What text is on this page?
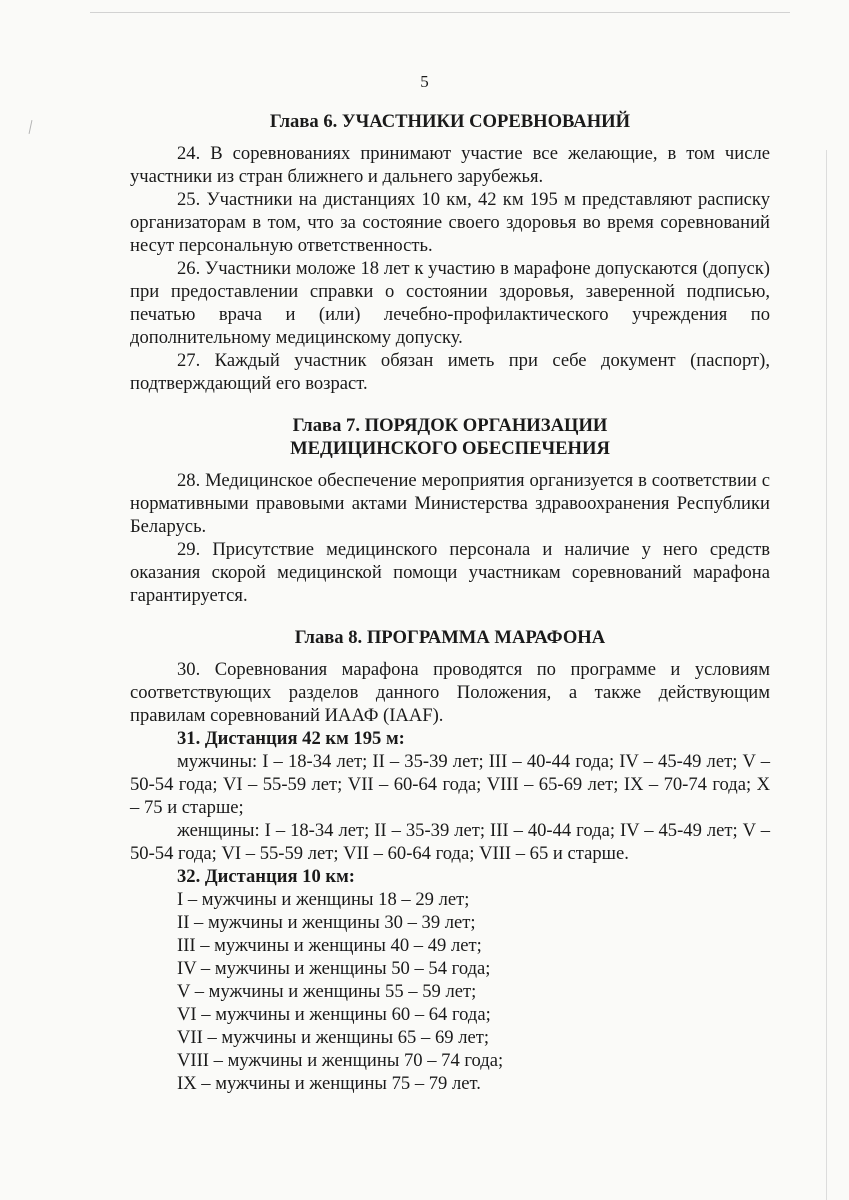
5

Глава 6. УЧАСТНИКИ СОРЕВНОВАНИЙ

24. В соревнованиях принимают участие все желающие, в том числе участники из стран ближнего и дальнего зарубежья.

25. Участники на дистанциях 10 км, 42 км 195 м представляют расписку организаторам в том, что за состояние своего здоровья во время соревнований несут персональную ответственность.

26. Участники моложе 18 лет к участию в марафоне допускаются (допуск) при предоставлении справки о состоянии здоровья, заверенной подписью, печатью врача и (или) лечебно-профилактического учреждения по дополнительному медицинскому допуску.

27. Каждый участник обязан иметь при себе документ (паспорт), подтверждающий его возраст.

Глава 7. ПОРЯДОК ОРГАНИЗАЦИИ

МЕДИЦИНСКОГО ОБЕСПЕЧЕНИЯ

28. Медицинское обеспечение мероприятия организуется в соответствии с нормативными правовыми актами Министерства здравоохранения Республики Беларусь.

29. Присутствие медицинского персонала и наличие у него средств оказания скорой медицинской помощи участникам соревнований марафона гарантируется.

Глава 8. ПРОГРАММА МАРАФОНА

30. Соревнования марафона проводятся по программе и условиям соответствующих разделов данного Положения, а также действующим правилам соревнований ИААФ (IAAF).

31. Дистанция 42 км 195 м:

мужчины: I – 18-34 лет; II – 35-39 лет; III – 40-44 года; IV – 45-49 лет; V – 50-54 года; VI – 55-59 лет; VII – 60-64 года; VIII – 65-69 лет; IX – 70-74 года; X – 75 и старше;

женщины: I – 18-34 лет; II – 35-39 лет; III – 40-44 года; IV – 45-49 лет; V – 50-54 года; VI – 55-59 лет; VII – 60-64 года; VIII – 65 и старше.

32. Дистанция 10 км:

I – мужчины и женщины 18 – 29 лет;

II – мужчины и женщины 30 – 39 лет;

III – мужчины и женщины 40 – 49 лет;

IV – мужчины и женщины 50 – 54 года;

V – мужчины и женщины 55 – 59 лет;

VI – мужчины и женщины 60 – 64 года;

VII – мужчины и женщины 65 – 69 лет;

VIII – мужчины и женщины 70 – 74 года;

IX – мужчины и женщины 75 – 79 лет.
